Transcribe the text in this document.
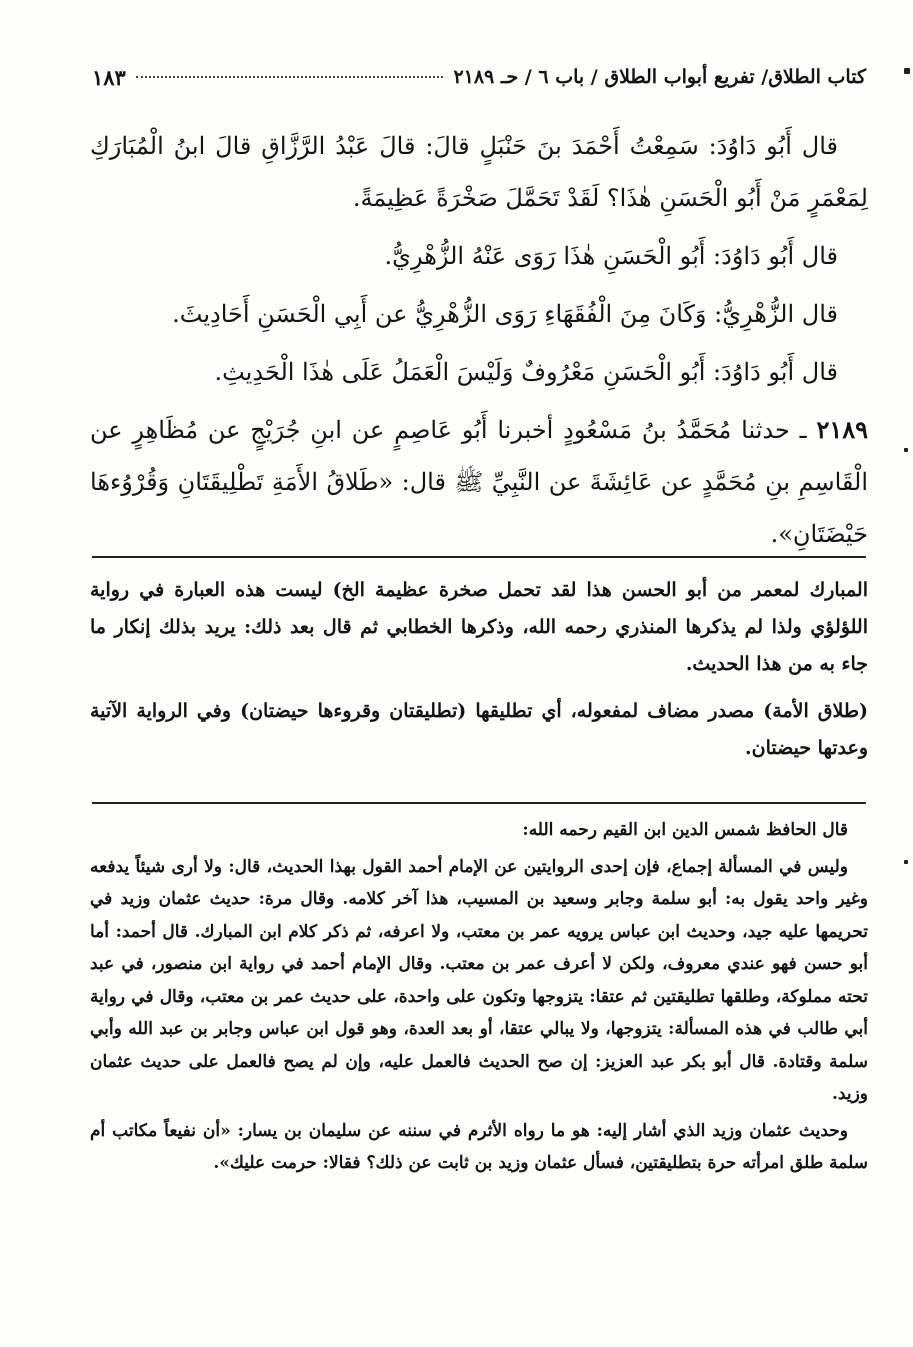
كتاب الطلاق/ تفريع أبواب الطلاق / باب ٦ / حـ ٢١٨٩
١٨٣

قال أَبُو دَاوُدَ: سَمِعْتُ أَحْمَدَ بنَ حَنْبَلٍ قالَ: قالَ عَبْدُ الرَّزَّاقِ قالَ ابنُ الْمُبَارَكِ لِمَعْمَرٍ مَنْ أَبُو الْحَسَنِ هٰذَا؟ لَقَدْ تَحَمَّلَ صَخْرَةً عَظِيمَةً.

قال أَبُو دَاوُدَ: أَبُو الْحَسَنِ هٰذَا رَوَى عَنْهُ الزُّهْرِيُّ.

قال الزُّهْرِيُّ: وَكَانَ مِنَ الْفُقَهَاءِ رَوَى الزُّهْرِيُّ عن أَبِي الْحَسَنِ أَحَادِيثَ.

قال أَبُو دَاوُدَ: أَبُو الْحَسَنِ مَعْرُوفٌ وَلَيْسَ الْعَمَلُ عَلَى هٰذَا الْحَدِيثِ.

٢١٨٩ ـ حدثنا مُحَمَّدُ بنُ مَسْعُودٍ أخبرنا أَبُو عَاصِمٍ عن ابنِ جُرَيْجٍ عن مُظَاهِرٍ عن الْقَاسِمِ بنِ مُحَمَّدٍ عن عَائِشَةَ عن النَّبِيِّ ﷺ قال: «طَلاقُ الأَمَةِ تَطْلِيقَتَانِ وَقُرْوُءهَا حَيْضَتَانِ».

المبارك لمعمر من أبو الحسن هذا لقد تحمل صخرة عظيمة الخ) ليست هذه العبارة في رواية اللؤلؤي ولذا لم يذكرها المنذري رحمه الله، وذكرها الخطابي ثم قال بعد ذلك: يريد بذلك إنكار ما جاء به من هذا الحديث.

(طلاق الأمة) مصدر مضاف لمفعوله، أي تطليقها (تطليقتان وقروءها حيضتان) وفي الرواية الآتية وعدتها حيضتان.

قال الحافظ شمس الدين ابن القيم رحمه الله:

وليس في المسألة إجماع، فإن إحدى الروايتين عن الإمام أحمد القول بهذا الحديث، قال: ولا أرى شيئاً يدفعه وغير واحد يقول به: أبو سلمة وجابر وسعيد بن المسيب، هذا آخر كلامه. وقال مرة: حديث عثمان وزيد في تحريمها عليه جيد، وحديث ابن عباس يرويه عمر بن معتب، ولا اعرفه، ثم ذكر كلام ابن المبارك. قال أحمد: أما أبو حسن فهو عندي معروف، ولكن لا أعرف عمر بن معتب. وقال الإمام أحمد في رواية ابن منصور، في عبد تحته مملوكة، وطلقها تطليقتين ثم عتقا: يتزوجها وتكون على واحدة، على حديث عمر بن معتب، وقال في رواية أبي طالب في هذه المسألة: يتزوجها، ولا يبالي عتقا، أو بعد العدة، وهو قول ابن عباس وجابر بن عبد الله وأبي سلمة وقتادة. قال أبو بكر عبد العزيز: إن صح الحديث فالعمل عليه، وإن لم يصح فالعمل على حديث عثمان وزيد.

وحديث عثمان وزيد الذي أشار إليه: هو ما رواه الأثرم في سننه عن سليمان بن يسار: «أن نفيعاً مكاتب أم سلمة طلق امرأته حرة بتطليقتين، فسأل عثمان وزيد بن ثابت عن ذلك؟ فقالا: حرمت عليك».
